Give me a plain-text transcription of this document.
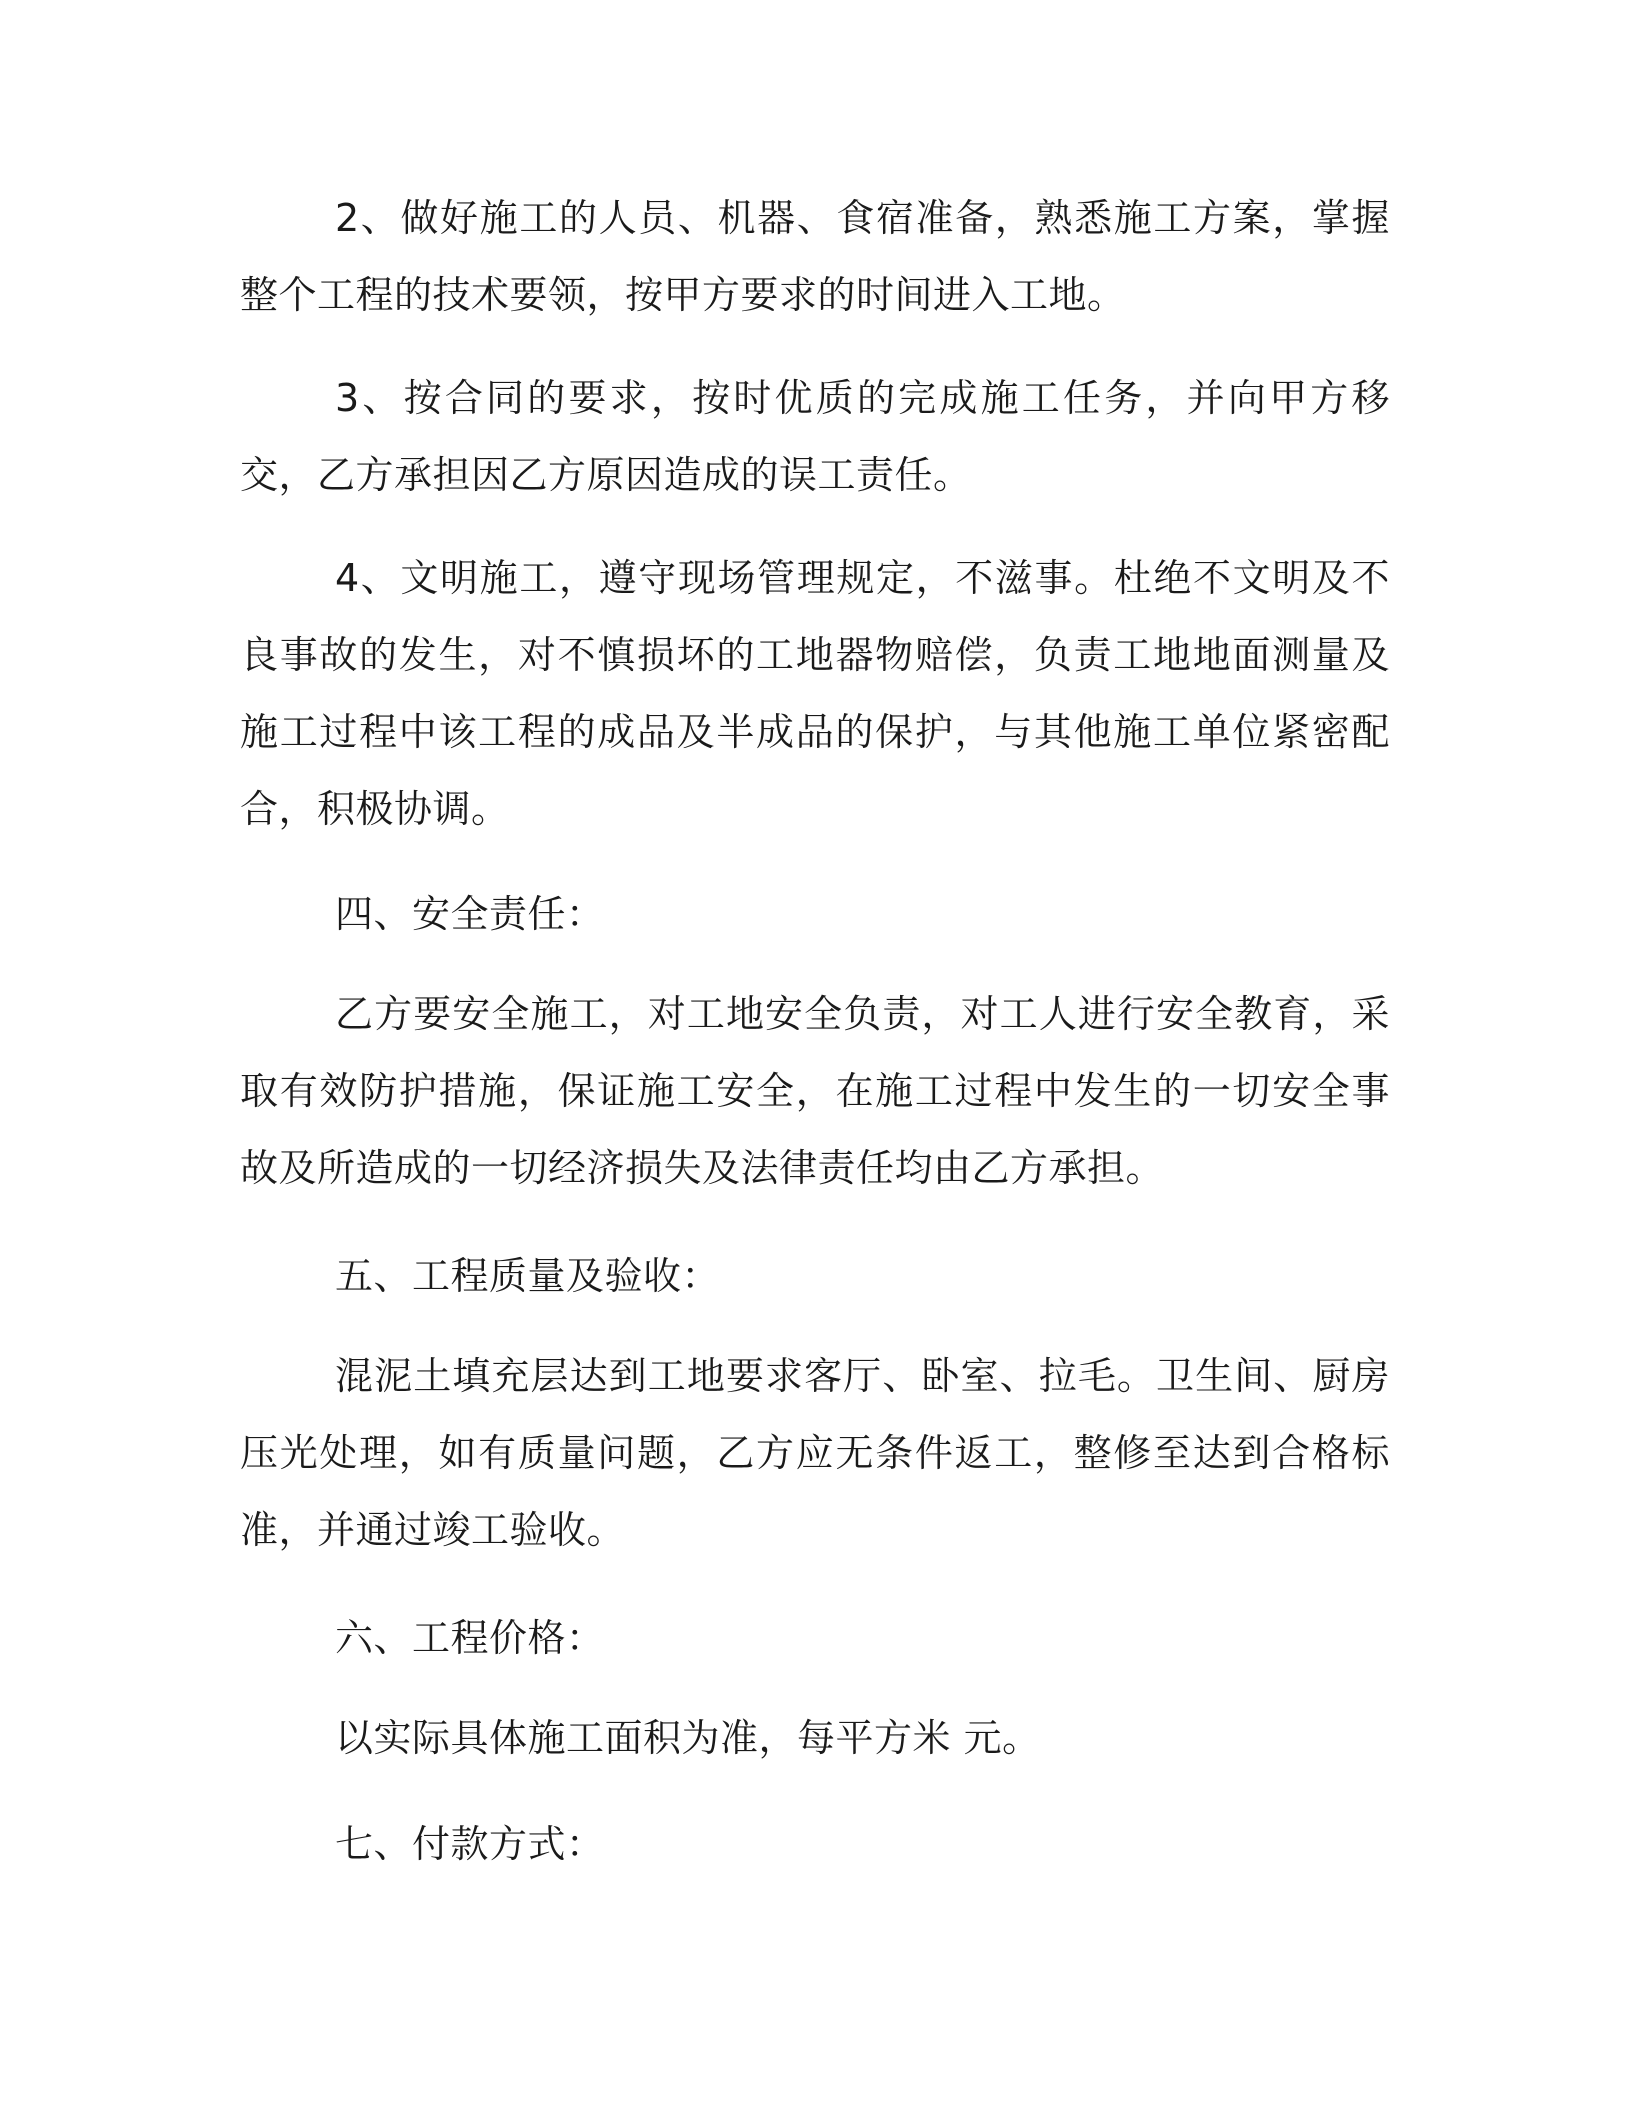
2、做好施工的人员、机器、食宿准备，熟悉施工方案，掌握整个工程的技术要领，按甲方要求的时间进入工地。

3、按合同的要求，按时优质的完成施工任务，并向甲方移交，乙方承担因乙方原因造成的误工责任。

4、文明施工，遵守现场管理规定，不滋事。杜绝不文明及不良事故的发生，对不慎损坏的工地器物赔偿，负责工地地面测量及施工过程中该工程的成品及半成品的保护，与其他施工单位紧密配合，积极协调。

四、安全责任：

乙方要安全施工，对工地安全负责，对工人进行安全教育，采取有效防护措施，保证施工安全，在施工过程中发生的一切安全事故及所造成的一切经济损失及法律责任均由乙方承担。

五、工程质量及验收：

混泥土填充层达到工地要求客厅、卧室、拉毛。卫生间、厨房压光处理，如有质量问题，乙方应无条件返工，整修至达到合格标准，并通过竣工验收。

六、工程价格：

以实际具体施工面积为准，每平方米 元。

七、付款方式：
